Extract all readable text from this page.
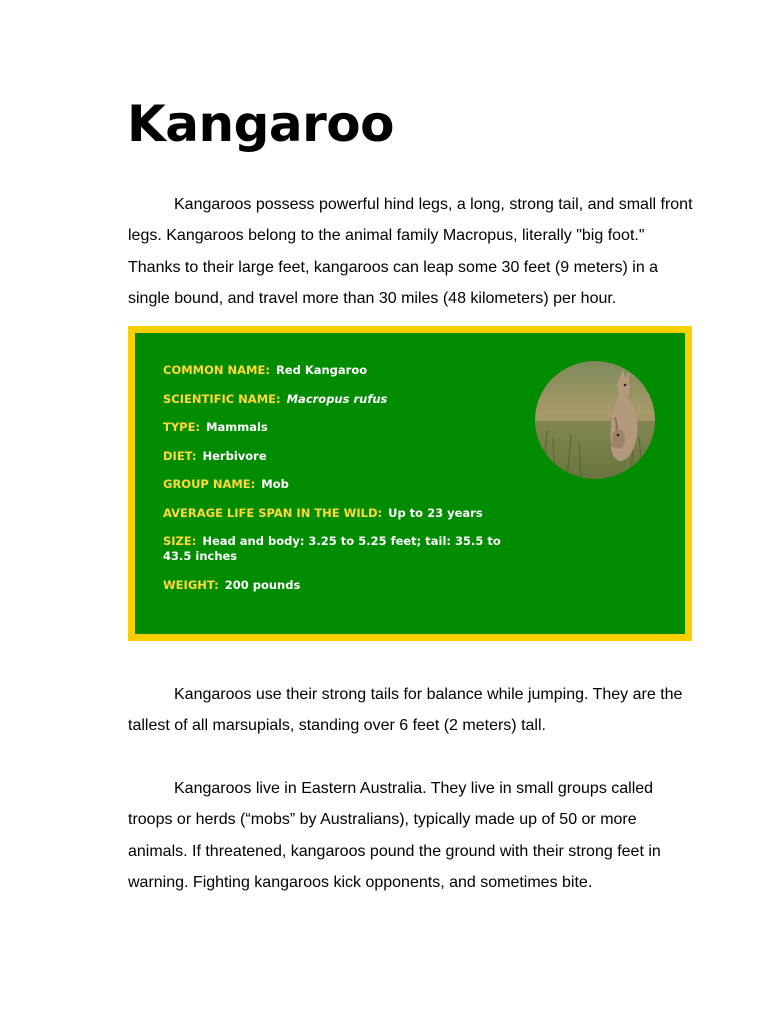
Kangaroo

Kangaroos possess powerful hind legs, a long, strong tail, and small front legs. Kangaroos belong to the animal family Macropus, literally "big foot." Thanks to their large feet, kangaroos can leap some 30 feet (9 meters) in a single bound, and travel more than 30 miles (48 kilometers) per hour.

COMMON NAME: Red Kangaroo
SCIENTIFIC NAME: Macropus rufus
TYPE: Mammals
DIET: Herbivore
GROUP NAME: Mob
AVERAGE LIFE SPAN IN THE WILD: Up to 23 years
SIZE: Head and body: 3.25 to 5.25 feet; tail: 35.5 to 43.5 inches
WEIGHT: 200 pounds

Kangaroos use their strong tails for balance while jumping. They are the tallest of all marsupials, standing over 6 feet (2 meters) tall.

Kangaroos live in Eastern Australia. They live in small groups called troops or herds (“mobs” by Australians), typically made up of 50 or more animals. If threatened, kangaroos pound the ground with their strong feet in warning. Fighting kangaroos kick opponents, and sometimes bite.
